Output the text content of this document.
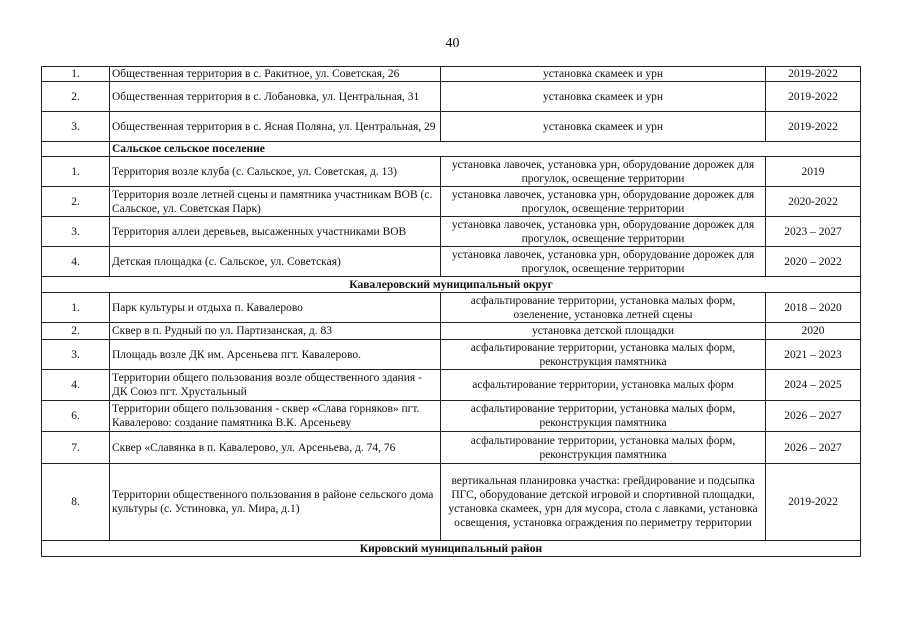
40
1.	Общественная территория в с. Ракитное, ул. Советская, 26	установка скамеек и урн	2019-2022
2.	Общественная территория в с. Лобановка, ул. Центральная, 31	установка скамеек и урн	2019-2022
3.	Общественная территория в с. Ясная Поляна, ул. Центральная, 29	установка скамеек и урн	2019-2022
	Сальское сельское поселение		
1.	Территория возле клуба (с. Сальское, ул. Советская, д. 13)	установка лавочек, установка урн, оборудование дорожек для прогулок, освещение территории	2019
2.	Территория возле летней сцены и памятника участникам ВОВ (с. Сальское, ул. Советская Парк)	установка лавочек, установка урн, оборудование дорожек для прогулок, освещение территории	2020-2022
3.	Территория аллеи деревьев, высаженных участниками ВОВ	установка лавочек, установка урн, оборудование дорожек для прогулок, освещение территории	2023 – 2027
4.	Детская площадка (с. Сальское, ул. Советская)	установка лавочек, установка урн, оборудование дорожек для прогулок, освещение территории	2020 – 2022
Кавалеровский муниципальный округ			
1.	Парк культуры и отдыха п. Кавалерово	асфальтирование территории, установка малых форм, озеленение, установка летней сцены	2018 – 2020
2.	Сквер в п. Рудный по ул. Партизанская, д. 83	установка детской площадки	2020
3.	Площадь возле ДК им. Арсеньева пгт. Кавалерово.	асфальтирование территории, установка малых форм, реконструкция памятника	2021 – 2023
4.	Территории общего пользования возле общественного здания - ДК Союз пгт. Хрустальный	асфальтирование территории, установка малых форм	2024 – 2025
6.	Территории общего пользования - сквер «Слава горняков» пгт. Кавалерово: создание памятника В.К. Арсеньеву	асфальтирование территории, установка малых форм, реконструкция памятника	2026 – 2027
7.	Сквер «Славянка в п. Кавалерово, ул. Арсеньева, д. 74, 76	асфальтирование территории, установка малых форм, реконструкция памятника	2026 – 2027
8.	Территории общественного пользования в районе сельского дома культуры (с. Устиновка, ул. Мира, д.1)	вертикальная планировка участка: грейдирование и подсыпка ПГС, оборудование детской игровой и спортивной площадки, установка скамеек, урн для мусора, стола с лавками, установка освещения, установка ограждения по периметру территории	2019-2022
Кировский муниципальный район			
